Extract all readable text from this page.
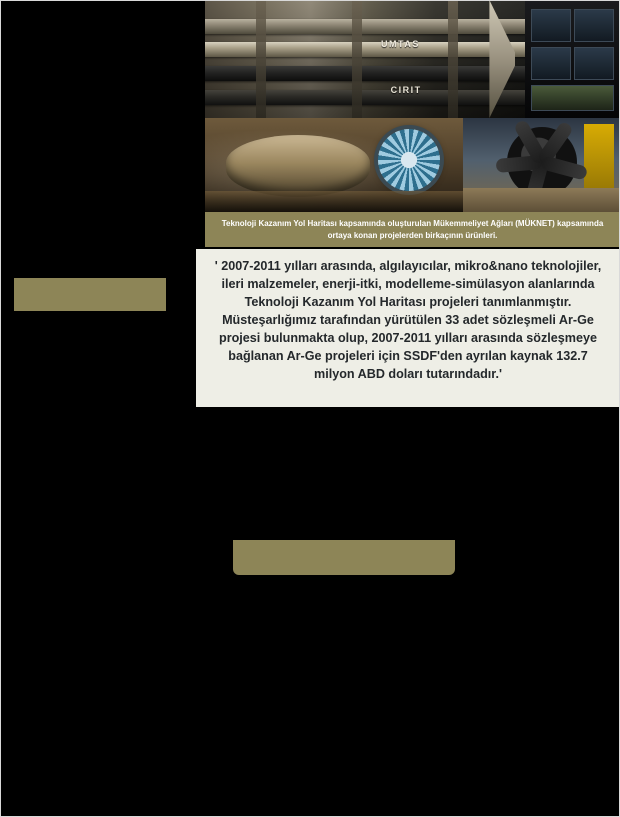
UMTAS
CIRIT
Teknoloji Kazanım Yol Haritası kapsamında oluşturulan Mükemmeliyet Ağları (MÜKNET) kapsamında ortaya konan projelerden birkaçının ürünleri.
' 2007-2011 yılları arasında, algılayıcılar, mikro&nano teknolojiler, ileri malzemeler, enerji-itki, modelleme-simülasyon alanlarında Teknoloji Kazanım Yol Haritası projeleri tanımlanmıştır. Müsteşarlığımız tarafından yürütülen 33 adet sözleşmeli Ar-Ge projesi bulunmakta olup, 2007-2011 yılları arasında sözleşmeye bağlanan Ar-Ge projeleri için SSDF'den ayrılan kaynak 132.7 milyon ABD doları tutarındadır.'
